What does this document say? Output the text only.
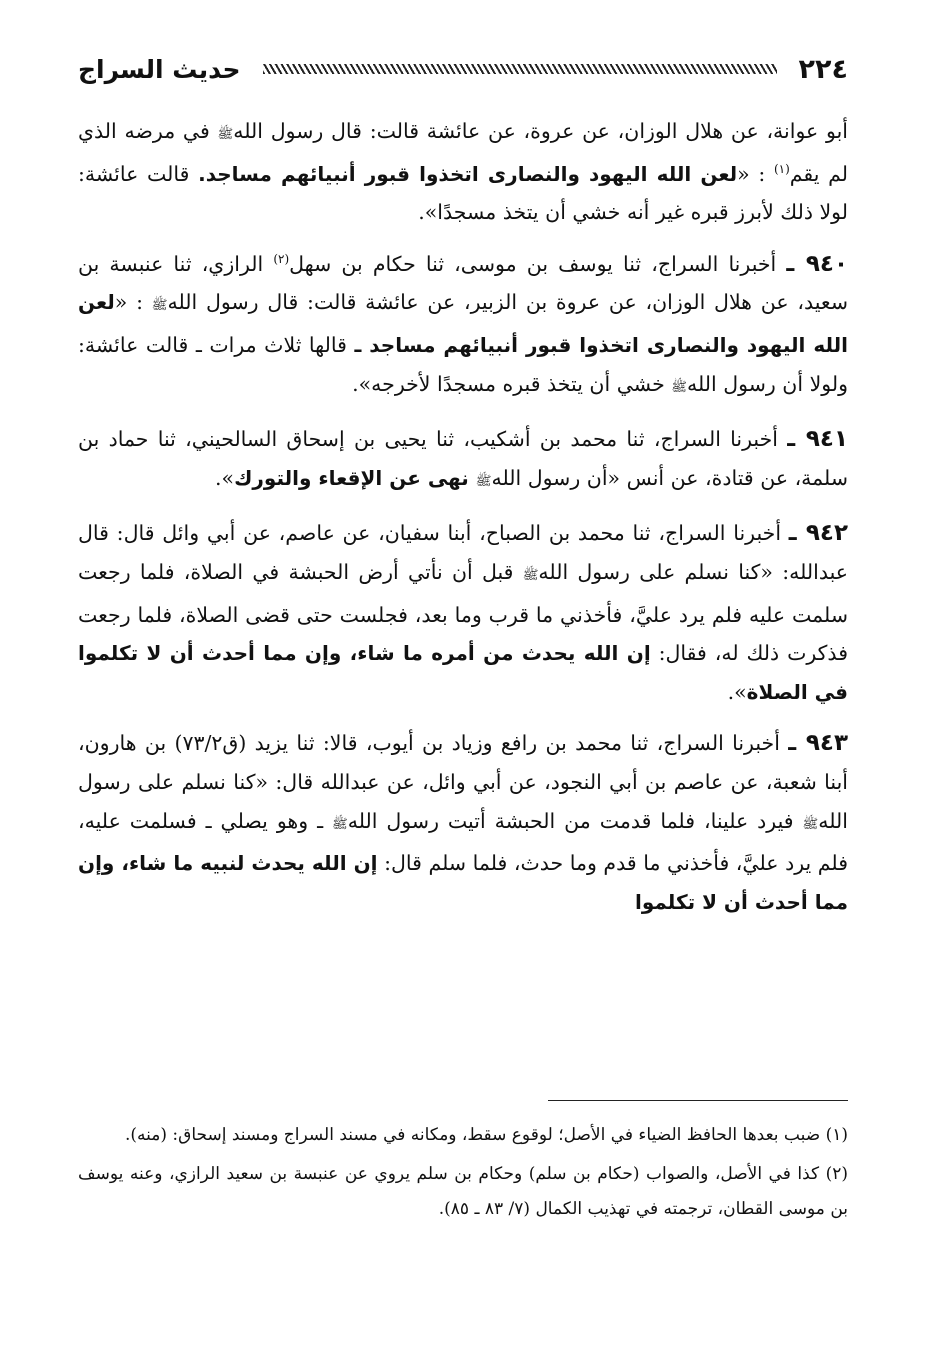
٢٢٤
حديث السراج

أبو عوانة، عن هلال الوزان، عن عروة، عن عائشة قالت: قال رسول اللهﷺ في مرضه الذي لم يقم$^{(١)}$ : «لعن الله اليهود والنصارى اتخذوا قبور أنبيائهم مساجد. قالت عائشة: لولا ذلك لأبرز قبره غير أنه خشي أن يتخذ مسجدًا».

٩٤٠ ـ أخبرنا السراج، ثنا يوسف بن موسى، ثنا حكام بن سهل$^{(٢)}$ الرازي، ثنا عنبسة بن سعيد، عن هلال الوزان، عن عروة بن الزبير، عن عائشة قالت: قال رسول اللهﷺ : «لعن الله اليهود والنصارى اتخذوا قبور أنبيائهم مساجد ـ قالها ثلاث مرات ـ قالت عائشة: ولولا أن رسول اللهﷺ خشي أن يتخذ قبره مسجدًا لأخرجه».

٩٤١ ـ أخبرنا السراج، ثنا محمد بن أشكيب، ثنا يحيى بن إسحاق السالحيني، ثنا حماد بن سلمة، عن قتادة، عن أنس «أن رسول اللهﷺ نهى عن الإقعاء والتورك».

٩٤٢ ـ أخبرنا السراج، ثنا محمد بن الصباح، أبنا سفيان، عن عاصم، عن أبي وائل قال: قال عبدالله: «كنا نسلم على رسول اللهﷺ قبل أن نأتي أرض الحبشة في الصلاة، فلما رجعت سلمت عليه فلم يرد عليَّ، فأخذني ما قرب وما بعد، فجلست حتى قضى الصلاة، فلما رجعت فذكرت ذلك له، فقال: إن الله يحدث من أمره ما شاء، وإن مما أحدث أن لا تكلموا في الصلاة».

٩٤٣ ـ أخبرنا السراج، ثنا محمد بن رافع وزياد بن أيوب، قالا: ثنا يزيد (ق٧٣/٢) بن هارون، أبنا شعبة، عن عاصم بن أبي النجود، عن أبي وائل، عن عبدالله قال: «كنا نسلم على رسول اللهﷺ فيرد علينا، فلما قدمت من الحبشة أتيت رسول اللهﷺ ـ وهو يصلي ـ فسلمت عليه، فلم يرد عليَّ، فأخذني ما قدم وما حدث، فلما سلم قال: إن الله يحدث لنبيه ما شاء، وإن مما أحدث أن لا تكلموا

(١) ضبب بعدها الحافظ الضياء في الأصل؛ لوقوع سقط، ومكانه في مسند السراج ومسند إسحاق: (منه).

(٢) كذا في الأصل، والصواب (حكام بن سلم) وحكام بن سلم يروي عن عنبسة بن سعيد الرازي، وعنه يوسف بن موسى القطان، ترجمته في تهذيب الكمال (٧/ ٨٣ ـ ٨٥).
